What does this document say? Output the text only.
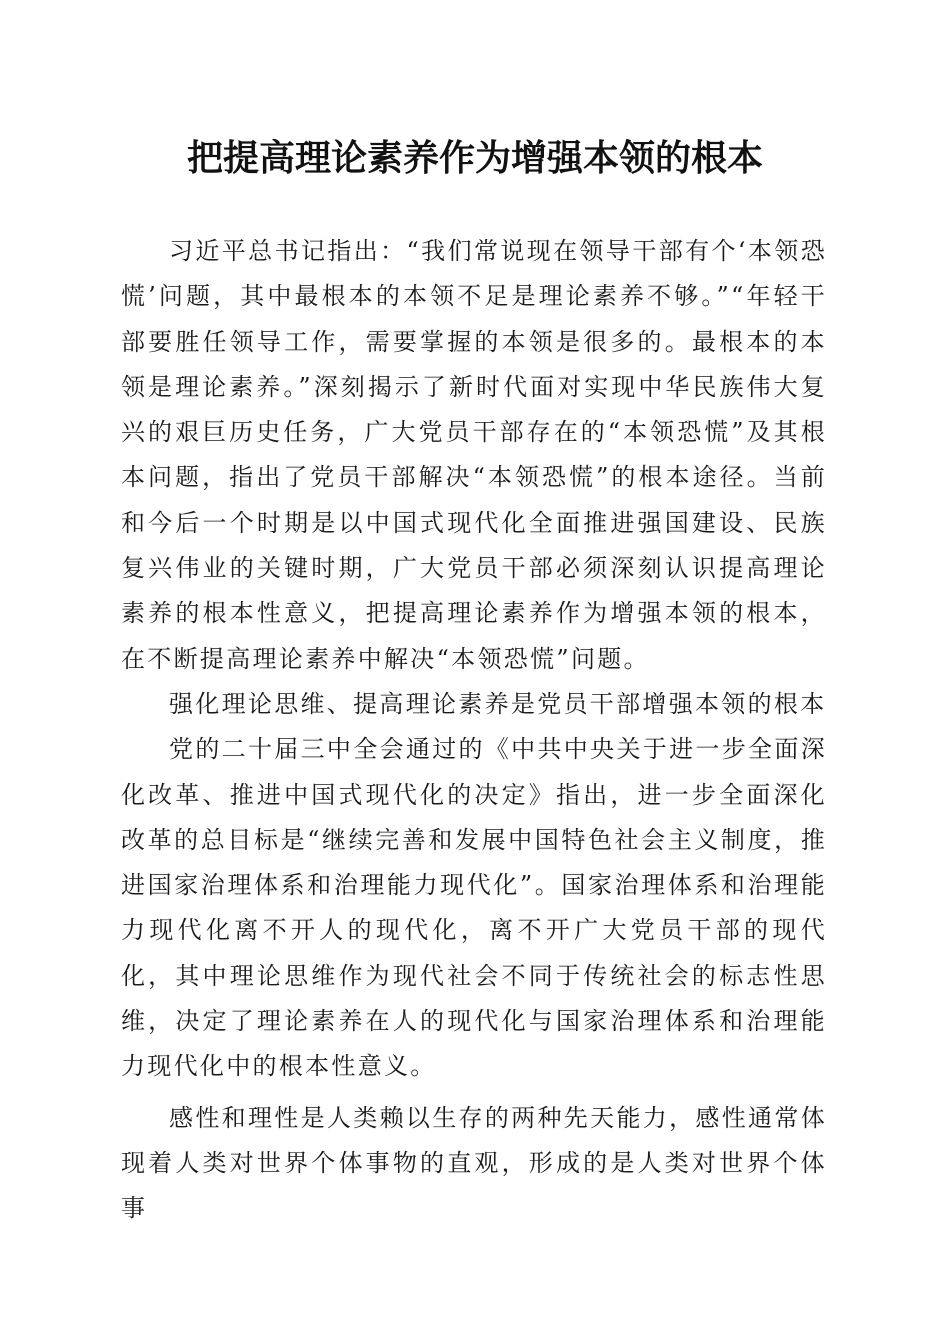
把提高理论素养作为增强本领的根本

习近平总书记指出：“我们常说现在领导干部有个‘本领恐慌’问题，其中最根本的本领不足是理论素养不够。”“年轻干部要胜任领导工作，需要掌握的本领是很多的。最根本的本领是理论素养。”深刻揭示了新时代面对实现中华民族伟大复兴的艰巨历史任务，广大党员干部存在的“本领恐慌”及其根本问题，指出了党员干部解决“本领恐慌”的根本途径。当前和今后一个时期是以中国式现代化全面推进强国建设、民族复兴伟业的关键时期，广大党员干部必须深刻认识提高理论素养的根本性意义，把提高理论素养作为增强本领的根本，在不断提高理论素养中解决“本领恐慌”问题。

强化理论思维、提高理论素养是党员干部增强本领的根本

党的二十届三中全会通过的《中共中央关于进一步全面深化改革、推进中国式现代化的决定》指出，进一步全面深化改革的总目标是“继续完善和发展中国特色社会主义制度，推进国家治理体系和治理能力现代化”。国家治理体系和治理能力现代化离不开人的现代化，离不开广大党员干部的现代化，其中理论思维作为现代社会不同于传统社会的标志性思维，决定了理论素养在人的现代化与国家治理体系和治理能力现代化中的根本性意义。

感性和理性是人类赖以生存的两种先天能力，感性通常体现着人类对世界个体事物的直观，形成的是人类对世界个体事
